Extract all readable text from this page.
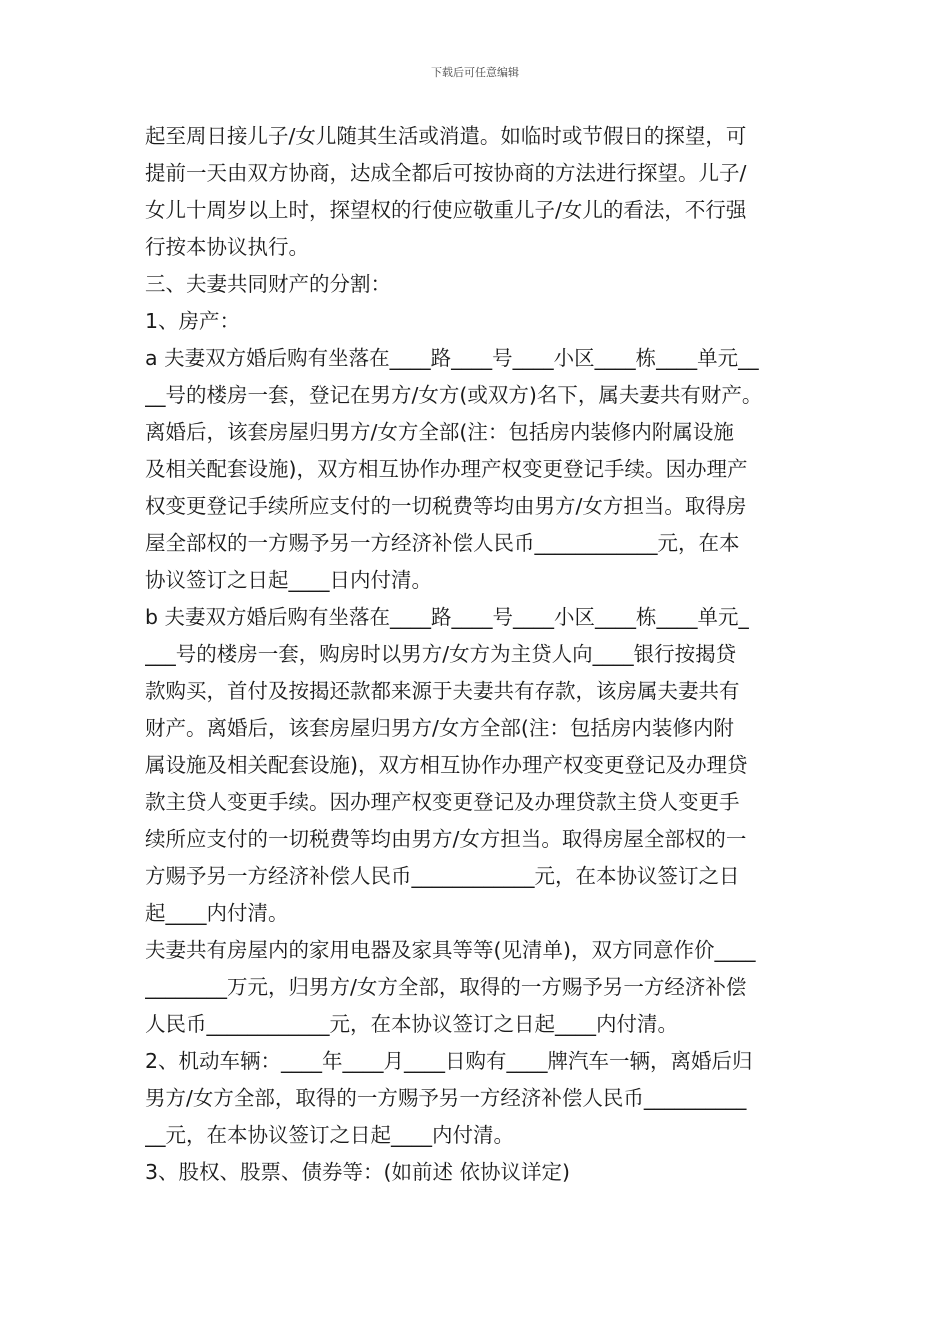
下载后可任意编辑
起至周日接儿子/女儿随其生活或消遣。如临时或节假日的探望，可
提前一天由双方协商，达成全都后可按协商的方法进行探望。儿子/
女儿十周岁以上时，探望权的行使应敬重儿子/女儿的看法，不行强
行按本协议执行。
三、夫妻共同财产的分割：
1、房产：
a 夫妻双方婚后购有坐落在____路____号____小区____栋____单元__
__号的楼房一套，登记在男方/女方(或双方)名下，属夫妻共有财产。
离婚后，该套房屋归男方/女方全部(注：包括房内装修内附属设施
及相关配套设施)，双方相互协作办理产权变更登记手续。因办理产
权变更登记手续所应支付的一切税费等均由男方/女方担当。取得房
屋全部权的一方赐予另一方经济补偿人民币____________元，在本
协议签订之日起____日内付清。
b 夫妻双方婚后购有坐落在____路____号____小区____栋____单元_
___号的楼房一套，购房时以男方/女方为主贷人向____银行按揭贷
款购买，首付及按揭还款都来源于夫妻共有存款，该房属夫妻共有
财产。离婚后，该套房屋归男方/女方全部(注：包括房内装修内附
属设施及相关配套设施)，双方相互协作办理产权变更登记及办理贷
款主贷人变更手续。因办理产权变更登记及办理贷款主贷人变更手
续所应支付的一切税费等均由男方/女方担当。取得房屋全部权的一
方赐予另一方经济补偿人民币____________元，在本协议签订之日
起____内付清。
夫妻共有房屋内的家用电器及家具等等(见清单)，双方同意作价____
________万元，归男方/女方全部，取得的一方赐予另一方经济补偿
人民币____________元，在本协议签订之日起____内付清。
2、机动车辆：____年____月____日购有____牌汽车一辆，离婚后归
男方/女方全部，取得的一方赐予另一方经济补偿人民币__________
__元，在本协议签订之日起____内付清。
3、股权、股票、债券等：(如前述 依协议详定)
